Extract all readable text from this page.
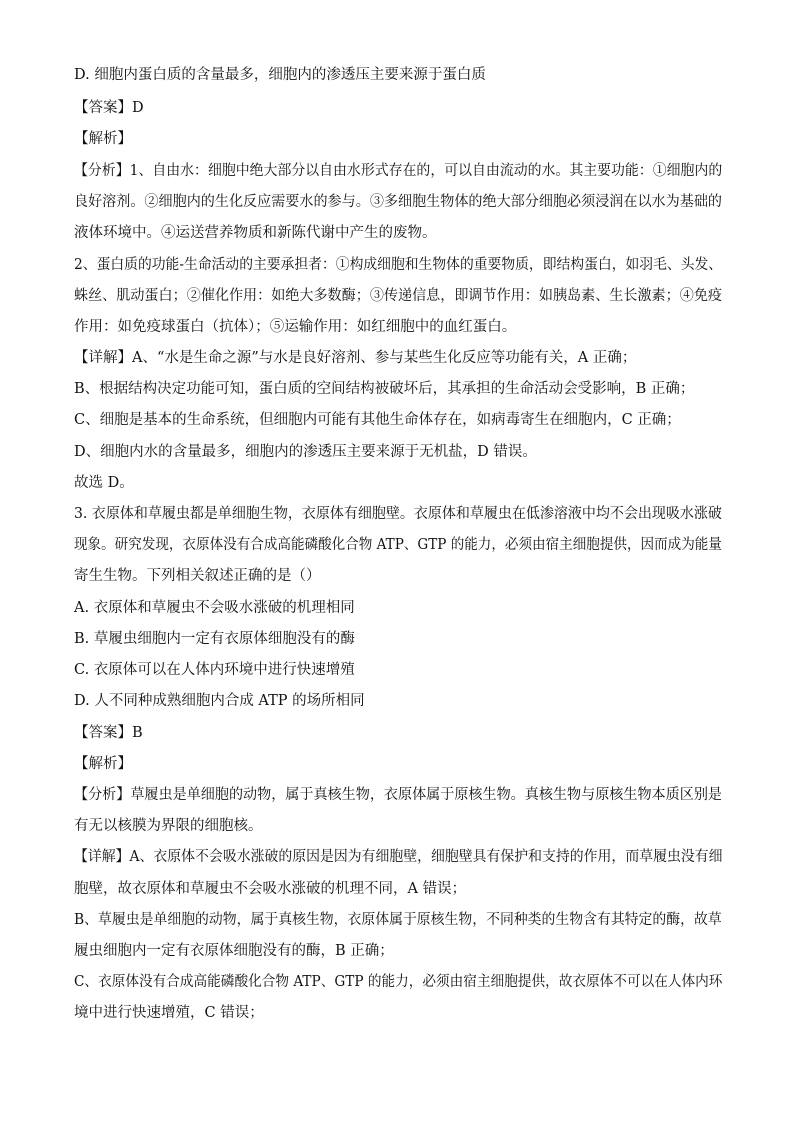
D. 细胞内蛋白质的含量最多，细胞内的渗透压主要来源于蛋白质
【答案】D
【解析】
【分析】1、自由水：细胞中绝大部分以自由水形式存在的，可以自由流动的水。其主要功能：①细胞内的
良好溶剂。②细胞内的生化反应需要水的参与。③多细胞生物体的绝大部分细胞必须浸润在以水为基础的
液体环境中。④运送营养物质和新陈代谢中产生的废物。
2、蛋白质的功能-生命活动的主要承担者：①构成细胞和生物体的重要物质，即结构蛋白，如羽毛、头发、
蛛丝、肌动蛋白；②催化作用：如绝大多数酶；③传递信息，即调节作用：如胰岛素、生长激素；④免疫
作用：如免疫球蛋白（抗体）；⑤运输作用：如红细胞中的血红蛋白。
【详解】A、“水是生命之源”与水是良好溶剂、参与某些生化反应等功能有关，A 正确；
B、根据结构决定功能可知，蛋白质的空间结构被破坏后，其承担的生命活动会受影响，B 正确；
C、细胞是基本的生命系统，但细胞内可能有其他生命体存在，如病毒寄生在细胞内，C 正确；
D、细胞内水的含量最多，细胞内的渗透压主要来源于无机盐，D 错误。
故选 D。
3. 衣原体和草履虫都是单细胞生物，衣原体有细胞壁。衣原体和草履虫在低渗溶液中均不会出现吸水涨破
现象。研究发现，衣原体没有合成高能磷酸化合物 ATP、GTP 的能力，必须由宿主细胞提供，因而成为能量
寄生生物。下列相关叙述正确的是（）
A. 衣原体和草履虫不会吸水涨破的机理相同
B. 草履虫细胞内一定有衣原体细胞没有的酶
C. 衣原体可以在人体内环境中进行快速增殖
D. 人不同种成熟细胞内合成 ATP 的场所相同
【答案】B
【解析】
【分析】草履虫是单细胞的动物，属于真核生物，衣原体属于原核生物。真核生物与原核生物本质区别是
有无以核膜为界限的细胞核。
【详解】A、衣原体不会吸水涨破的原因是因为有细胞壁，细胞壁具有保护和支持的作用，而草履虫没有细
胞壁，故衣原体和草履虫不会吸水涨破的机理不同，A 错误；
B、草履虫是单细胞的动物，属于真核生物，衣原体属于原核生物，不同种类的生物含有其特定的酶，故草
履虫细胞内一定有衣原体细胞没有的酶，B 正确；
C、衣原体没有合成高能磷酸化合物 ATP、GTP 的能力，必须由宿主细胞提供，故衣原体不可以在人体内环
境中进行快速增殖，C 错误；
